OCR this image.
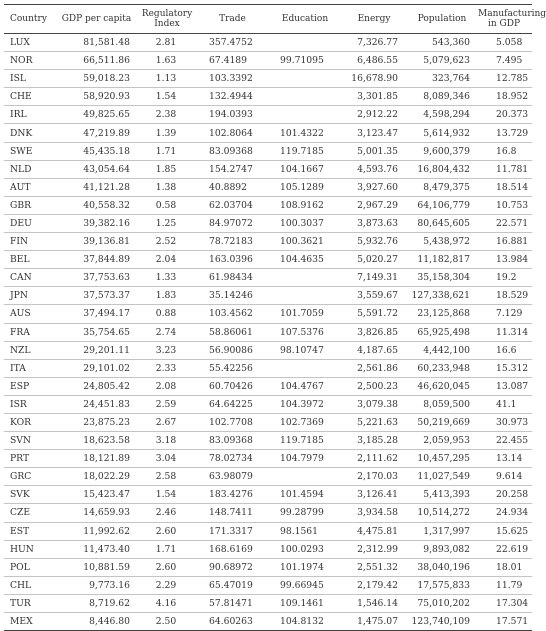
Country	GDP per capita	Regulatory Index	Trade	Education	Energy	Population	Manufacturing in GDP
LUX	81,581.48	2.81	357.4752		7,326.77	543,360	5.058
NOR	66,511.86	1.63	67.4189	99.71095	6,486.55	5,079,623	7.495
ISL	59,018.23	1.13	103.3392		16,678.90	323,764	12.785
CHE	58,920.93	1.54	132.4944		3,301.85	8,089,346	18.952
IRL	49,825.65	2.38	194.0393		2,912.22	4,598,294	20.373
DNK	47,219.89	1.39	102.8064	101.4322	3,123.47	5,614,932	13.729
SWE	45,435.18	1.71	83.09368	119.7185	5,001.35	9,600,379	16.8
NLD	43,054.64	1.85	154.2747	104.1667	4,593.76	16,804,432	11.781
AUT	41,121.28	1.38	40.8892	105.1289	3,927.60	8,479,375	18.514
GBR	40,558.32	0.58	62.03704	108.9162	2,967.29	64,106,779	10.753
DEU	39,382.16	1.25	84.97072	100.3037	3,873.63	80,645,605	22.571
FIN	39,136.81	2.52	78.72183	100.3621	5,932.76	5,438,972	16.881
BEL	37,844.89	2.04	163.0396	104.4635	5,020.27	11,182,817	13.984
CAN	37,753.63	1.33	61.98434		7,149.31	35,158,304	19.2
JPN	37,573.37	1.83	35.14246		3,559.67	127,338,621	18.529
AUS	37,494.17	0.88	103.4562	101.7059	5,591.72	23,125,868	7.129
FRA	35,754.65	2.74	58.86061	107.5376	3,826.85	65,925,498	11.314
NZL	29,201.11	3.23	56.90086	98.10747	4,187.65	4,442,100	16.6
ITA	29,101.02	2.33	55.42256		2,561.86	60,233,948	15.312
ESP	24,805.42	2.08	60.70426	104.4767	2,500.23	46,620,045	13.087
ISR	24,451.83	2.59	64.64225	104.3972	3,079.38	8,059,500	41.1
KOR	23,875.23	2.67	102.7708	102.7369	5,221.63	50,219,669	30.973
SVN	18,623.58	3.18	83.09368	119.7185	3,185.28	2,059,953	22.455
PRT	18,121.89	3.04	78.02734	104.7979	2,111.62	10,457,295	13.14
GRC	18,022.29	2.58	63.98079		2,170.03	11,027,549	9.614
SVK	15,423.47	1.54	183.4276	101.4594	3,126.41	5,413,393	20.258
CZE	14,659.93	2.46	148.7411	99.28799	3,934.58	10,514,272	24.934
EST	11,992.62	2.60	171.3317	98.1561	4,475.81	1,317,997	15.625
HUN	11,473.40	1.71	168.6169	100.0293	2,312.99	9,893,082	22.619
POL	10,881.59	2.60	90.68972	101.1974	2,551.32	38,040,196	18.01
CHL	9,773.16	2.29	65.47019	99.66945	2,179.42	17,575,833	11.79
TUR	8,719.62	4.16	57.81471	109.1461	1,546.14	75,010,202	17.304
MEX	8,446.80	2.50	64.60263	104.8132	1,475.07	123,740,109	17.571
